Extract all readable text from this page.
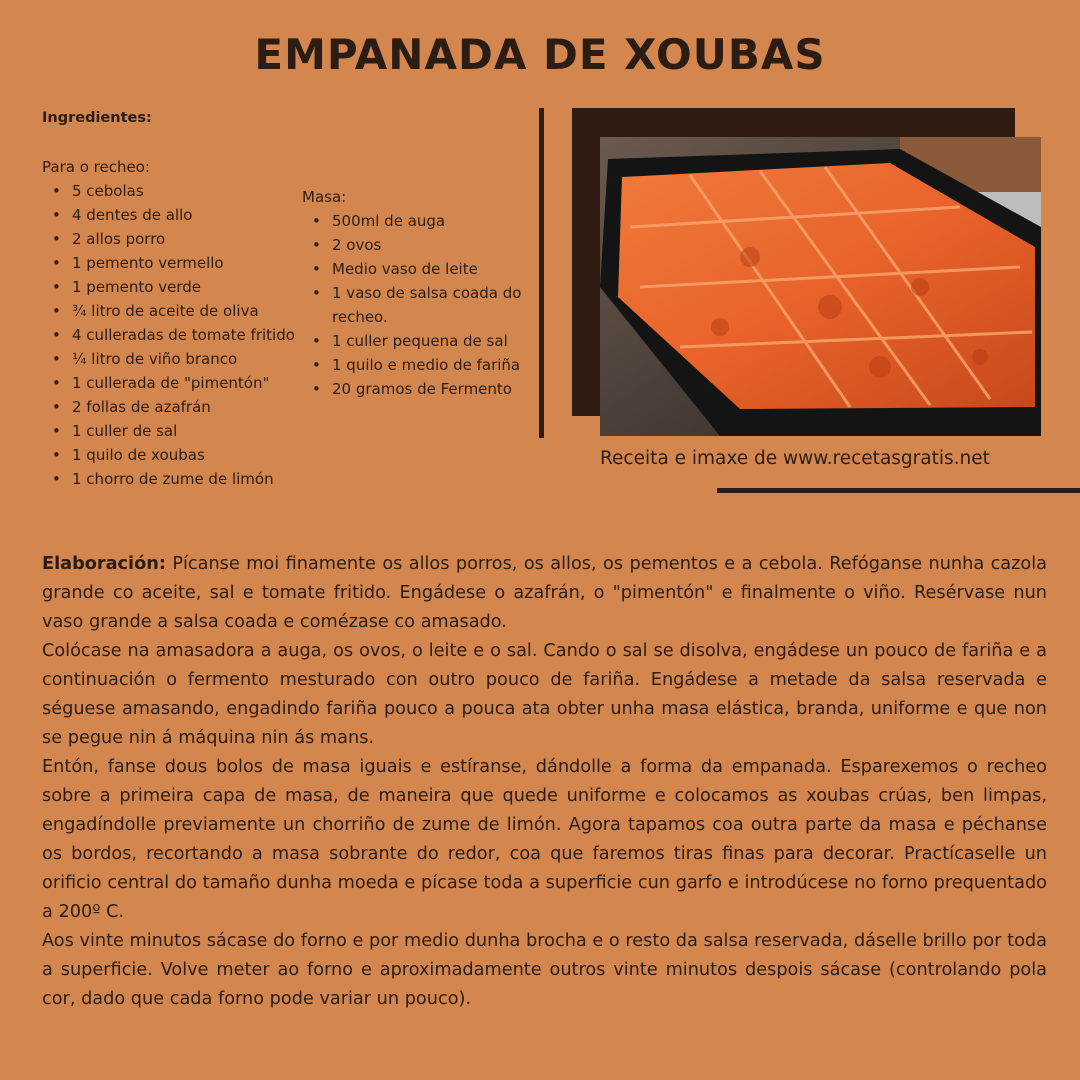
EMPANADA DE XOUBAS
Ingredientes:
Para o recheo:
• 5 cebolas
• 4 dentes de allo
• 2 allos porro
• 1 pemento vermello
• 1 pemento verde
• ¾ litro de aceite de oliva
• 4 culleradas de tomate fritido
• ¼ litro de viño branco
• 1 cullerada de "pimentón"
• 2 follas de azafrán
• 1 culler de sal
• 1 quilo de xoubas
• 1 chorro de zume de limón
Masa:
• 500ml de auga
• 2 ovos
• Medio vaso de leite
• 1 vaso de salsa coada do recheo.
• 1 culler pequena de sal
• 1 quilo e medio de fariña
• 20 gramos de Fermento
Receita e imaxe de www.recetasgratis.net

Elaboración: Pícanse moi finamente os allos porros, os allos, os pementos e a cebola. Refóganse nunha cazola grande co aceite, sal e tomate fritido. Engádese o azafrán, o "pimentón" e finalmente o viño. Resérvase nun vaso grande a salsa coada e comézase co amasado.

Colócase na amasadora a auga, os ovos, o leite e o sal. Cando o sal se disolva, engádese un pouco de fariña e a continuación o fermento mesturado con outro pouco de fariña. Engádese a metade da salsa reservada e séguese amasando, engadindo fariña pouco a pouca ata obter unha masa elástica, branda, uniforme e que non se pegue nin á máquina nin ás mans.

Entón, fanse dous bolos de masa iguais e estíranse, dándolle a forma da empanada. Esparexemos o recheo sobre a primeira capa de masa, de maneira que quede uniforme e colocamos as xoubas crúas, ben limpas, engadíndolle previamente un chorriño de zume de limón. Agora tapamos coa outra parte da masa e péchanse os bordos, recortando a masa sobrante do redor, coa que faremos tiras finas para decorar. Practícaselle un orificio central do tamaño dunha moeda e pícase toda a superficie cun garfo e introdúcese no forno prequentado a 200º C.

Aos vinte minutos sácase do forno e por medio dunha brocha e o resto da salsa reservada, dáselle brillo por toda a superficie. Volve meter ao forno e aproximadamente outros vinte minutos despois sácase (controlando pola cor, dado que cada forno pode variar un pouco).
